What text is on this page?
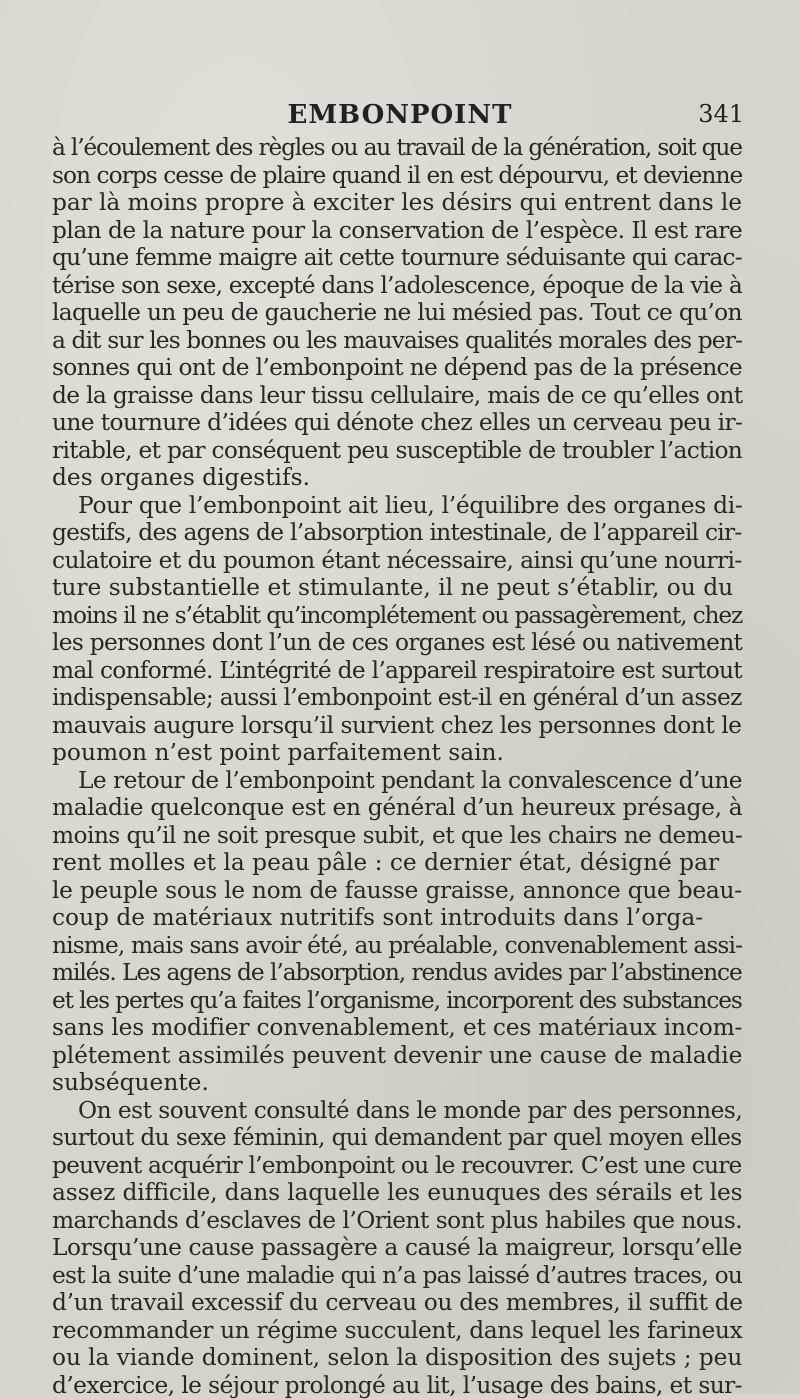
EMBONPOINT	341
à l’écoulement des règles ou au travail de la génération, soit que
son corps cesse de plaire quand il en est dépourvu, et devienne
par là moins propre à exciter les désirs qui entrent dans le
plan de la nature pour la conservation de l’espèce. Il est rare
qu’une femme maigre ait cette tournure séduisante qui carac-
térise son sexe, excepté dans l’adolescence, époque de la vie à
laquelle un peu de gaucherie ne lui mésied pas. Tout ce qu’on
a dit sur les bonnes ou les mauvaises qualités morales des per-
sonnes qui ont de l’embonpoint ne dépend pas de la présence
de la graisse dans leur tissu cellulaire, mais de ce qu’elles ont
une tournure d’idées qui dénote chez elles un cerveau peu ir-
ritable, et par conséquent peu susceptible de troubler l’action
des organes digestifs.
Pour que l’embonpoint ait lieu, l’équilibre des organes di-
gestifs, des agens de l’absorption intestinale, de l’appareil cir-
culatoire et du poumon étant nécessaire, ainsi qu’une nourri-
ture substantielle et stimulante, il ne peut s’établir, ou du
moins il ne s’établit qu’incomplétement ou passagèrement, chez
les personnes dont l’un de ces organes est lésé ou nativement
mal conformé. L’intégrité de l’appareil respiratoire est surtout
indispensable; aussi l’embonpoint est-il en général d’un assez
mauvais augure lorsqu’il survient chez les personnes dont le
poumon n’est point parfaitement sain.
Le retour de l’embonpoint pendant la convalescence d’une
maladie quelconque est en général d’un heureux présage, à
moins qu’il ne soit presque subit, et que les chairs ne demeu-
rent molles et la peau pâle : ce dernier état, désigné par
le peuple sous le nom de fausse graisse, annonce que beau-
coup de matériaux nutritifs sont introduits dans l’orga-
nisme, mais sans avoir été, au préalable, convenablement assi-
milés. Les agens de l’absorption, rendus avides par l’abstinence
et les pertes qu’a faites l’organisme, incorporent des substances
sans les modifier convenablement, et ces matériaux incom-
plétement assimilés peuvent devenir une cause de maladie
subséquente.
On est souvent consulté dans le monde par des personnes,
surtout du sexe féminin, qui demandent par quel moyen elles
peuvent acquérir l’embonpoint ou le recouvrer. C’est une cure
assez difficile, dans laquelle les eunuques des sérails et les
marchands d’esclaves de l’Orient sont plus habiles que nous.
Lorsqu’une cause passagère a causé la maigreur, lorsqu’elle
est la suite d’une maladie qui n’a pas laissé d’autres traces, ou
d’un travail excessif du cerveau ou des membres, il suffit de
recommander un régime succulent, dans lequel les farineux
ou la viande dominent, selon la disposition des sujets ; peu
d’exercice, le séjour prolongé au lit, l’usage des bains, et sur-
